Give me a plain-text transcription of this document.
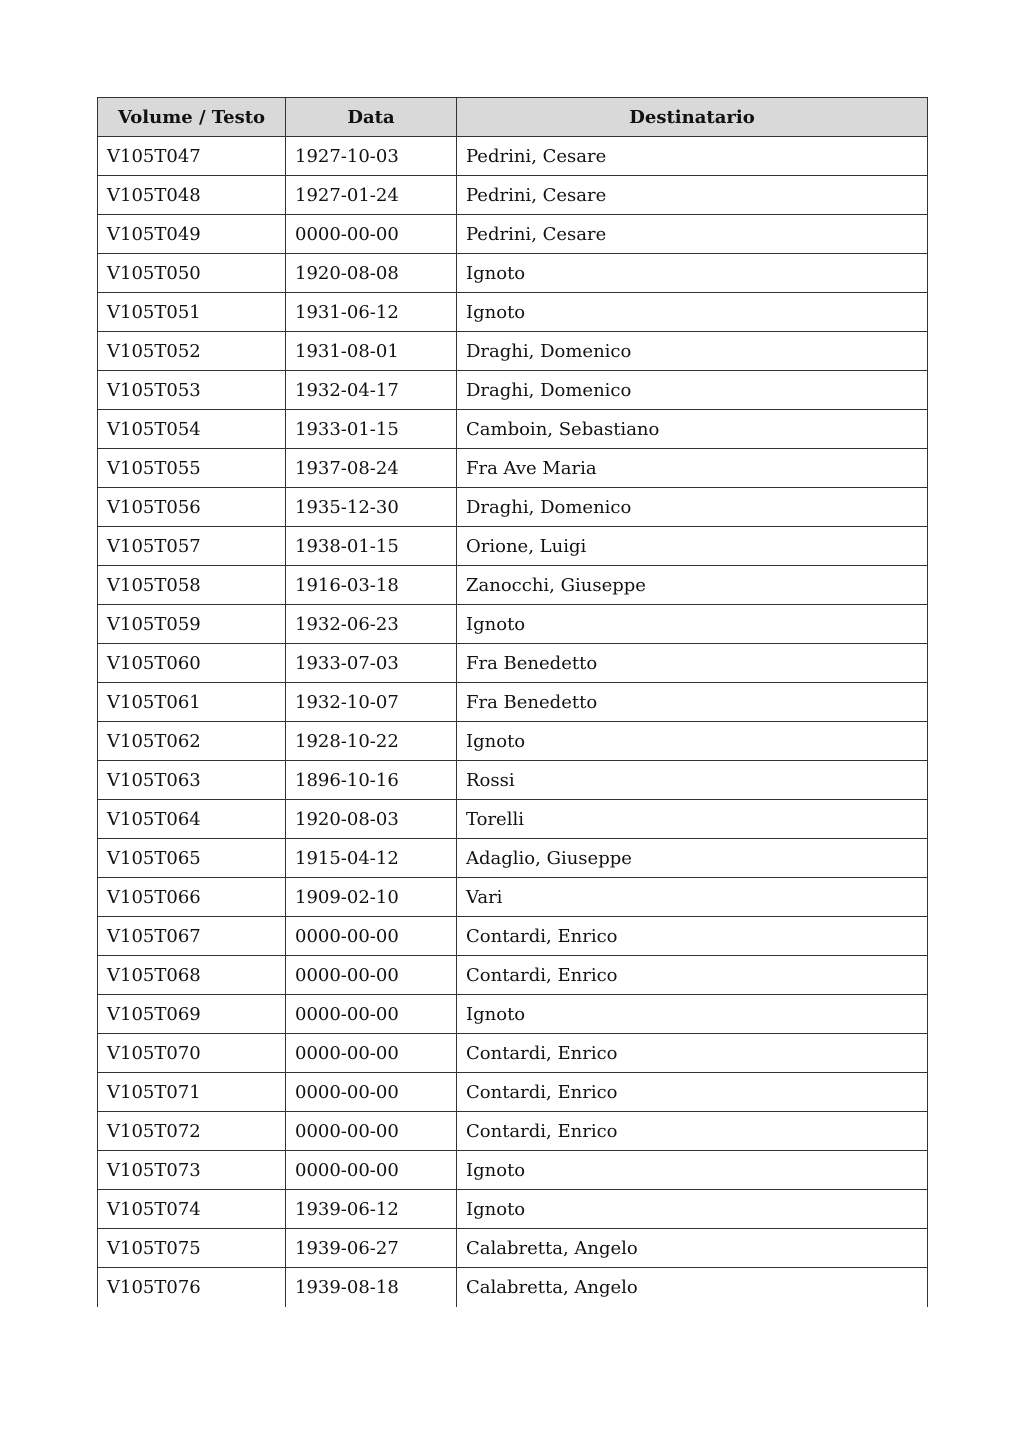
Volume / Testo	Data	Destinatario
V105T047	1927-10-03	Pedrini, Cesare
V105T048	1927-01-24	Pedrini, Cesare
V105T049	0000-00-00	Pedrini, Cesare
V105T050	1920-08-08	Ignoto
V105T051	1931-06-12	Ignoto
V105T052	1931-08-01	Draghi, Domenico
V105T053	1932-04-17	Draghi, Domenico
V105T054	1933-01-15	Camboin, Sebastiano
V105T055	1937-08-24	Fra Ave Maria
V105T056	1935-12-30	Draghi, Domenico
V105T057	1938-01-15	Orione, Luigi
V105T058	1916-03-18	Zanocchi, Giuseppe
V105T059	1932-06-23	Ignoto
V105T060	1933-07-03	Fra Benedetto
V105T061	1932-10-07	Fra Benedetto
V105T062	1928-10-22	Ignoto
V105T063	1896-10-16	Rossi
V105T064	1920-08-03	Torelli
V105T065	1915-04-12	Adaglio, Giuseppe
V105T066	1909-02-10	Vari
V105T067	0000-00-00	Contardi, Enrico
V105T068	0000-00-00	Contardi, Enrico
V105T069	0000-00-00	Ignoto
V105T070	0000-00-00	Contardi, Enrico
V105T071	0000-00-00	Contardi, Enrico
V105T072	0000-00-00	Contardi, Enrico
V105T073	0000-00-00	Ignoto
V105T074	1939-06-12	Ignoto
V105T075	1939-06-27	Calabretta, Angelo
V105T076	1939-08-18	Calabretta, Angelo
